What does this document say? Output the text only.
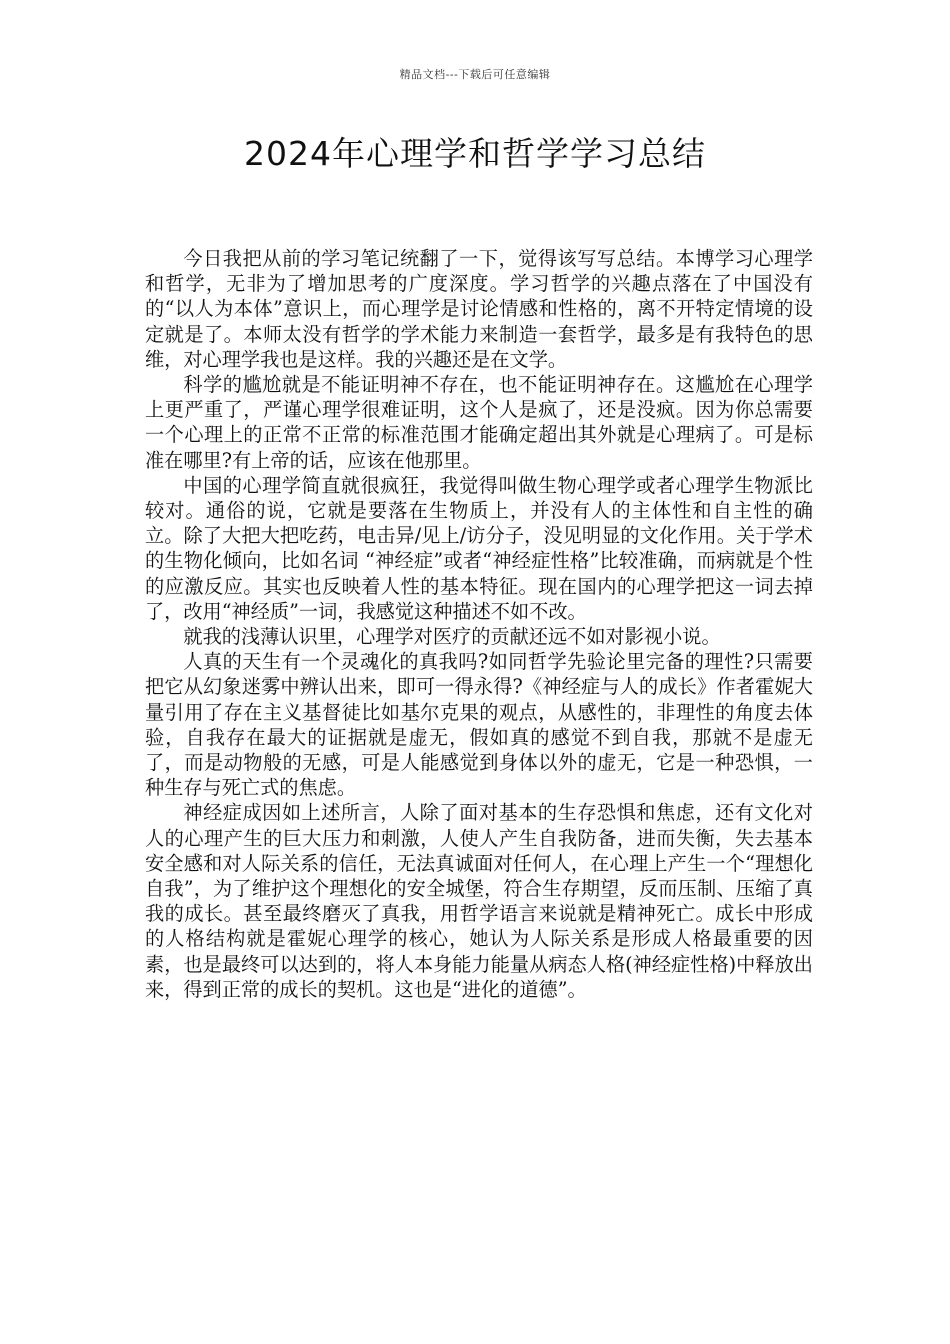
精品文档---下载后可任意编辑
2024年心理学和哲学学习总结

今日我把从前的学习笔记统翻了一下，觉得该写写总结。本博学习心理学和哲学，无非为了增加思考的广度深度。学习哲学的兴趣点落在了中国没有的“以人为本体”意识上，而心理学是讨论情感和性格的，离不开特定情境的设定就是了。本师太没有哲学的学术能力来制造一套哲学，最多是有我特色的思维，对心理学我也是这样。我的兴趣还是在文学。

科学的尴尬就是不能证明神不存在，也不能证明神存在。这尴尬在心理学上更严重了，严谨心理学很难证明，这个人是疯了，还是没疯。因为你总需要一个心理上的正常不正常的标准范围才能确定超出其外就是心理病了。可是标准在哪里?有上帝的话，应该在他那里。

中国的心理学简直就很疯狂，我觉得叫做生物心理学或者心理学生物派比较对。通俗的说，它就是要落在生物质上，并没有人的主体性和自主性的确立。除了大把大把吃药，电击异/见上/访分子，没见明显的文化作用。关于学术的生物化倾向，比如名词 “神经症”或者“神经症性格”比较准确，而病就是个性的应激反应。其实也反映着人性的基本特征。现在国内的心理学把这一词去掉了，改用“神经质”一词，我感觉这种描述不如不改。

就我的浅薄认识里，心理学对医疗的贡献还远不如对影视小说。

人真的天生有一个灵魂化的真我吗?如同哲学先验论里完备的理性?只需要把它从幻象迷雾中辨认出来，即可一得永得?《神经症与人的成长》作者霍妮大量引用了存在主义基督徒比如基尔克果的观点，从感性的，非理性的角度去体验，自我存在最大的证据就是虚无，假如真的感觉不到自我，那就不是虚无了，而是动物般的无感，可是人能感觉到身体以外的虚无，它是一种恐惧，一种生存与死亡式的焦虑。

神经症成因如上述所言，人除了面对基本的生存恐惧和焦虑，还有文化对人的心理产生的巨大压力和刺激，人使人产生自我防备，进而失衡，失去基本安全感和对人际关系的信任，无法真诚面对任何人，在心理上产生一个“理想化自我”，为了维护这个理想化的安全城堡，符合生存期望，反而压制、压缩了真我的成长。甚至最终磨灭了真我，用哲学语言来说就是精神死亡。成长中形成的人格结构就是霍妮心理学的核心，她认为人际关系是形成人格最重要的因素，也是最终可以达到的，将人本身能力能量从病态人格(神经症性格)中释放出来，得到正常的成长的契机。这也是“进化的道德”。
